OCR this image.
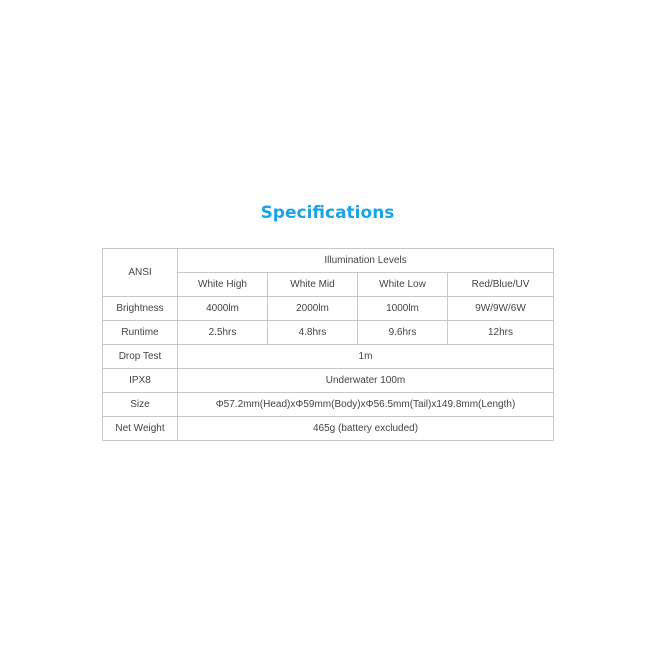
Specifications
ANSI	Illumination Levels			
	White High	White Mid	White Low	Red/Blue/UV
Brightness	4000lm	2000lm	1000lm	9W/9W/6W
Runtime	2.5hrs	4.8hrs	9.6hrs	12hrs
Drop Test	1m			
IPX8	Underwater 100m			
Size	Φ57.2mm(Head)xΦ59mm(Body)xΦ56.5mm(Tail)x149.8mm(Length)			
Net Weight	465g (battery excluded)			
